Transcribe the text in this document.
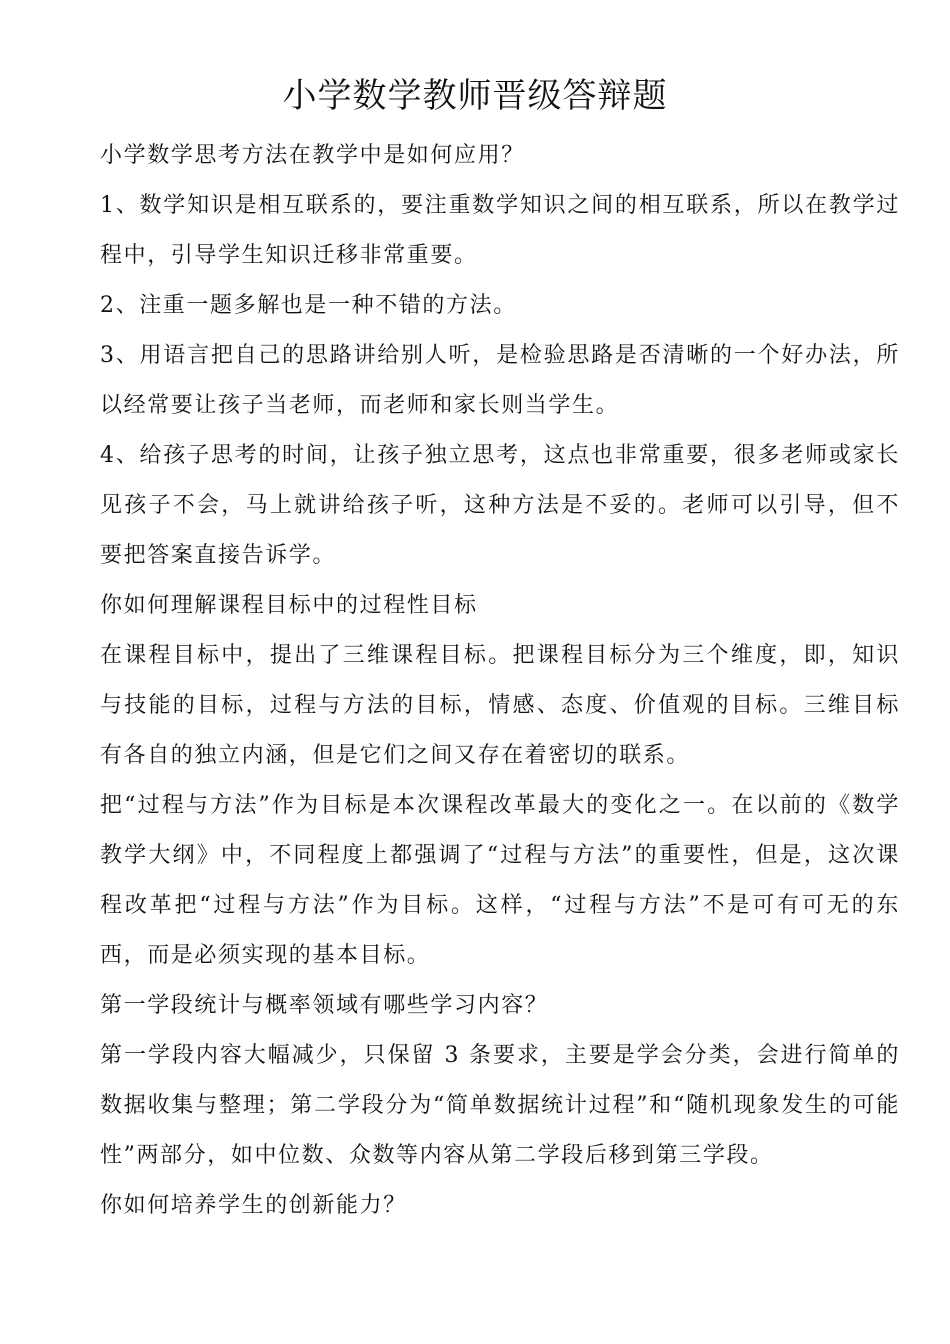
小学数学教师晋级答辩题

小学数学思考方法在教学中是如何应用？

1、数学知识是相互联系的，要注重数学知识之间的相互联系，所以在教学过程中，引导学生知识迁移非常重要。

2、注重一题多解也是一种不错的方法。

3、用语言把自己的思路讲给别人听，是检验思路是否清晰的一个好办法，所以经常要让孩子当老师，而老师和家长则当学生。

4、给孩子思考的时间，让孩子独立思考，这点也非常重要，很多老师或家长见孩子不会，马上就讲给孩子听，这种方法是不妥的。老师可以引导，但不要把答案直接告诉学。

你如何理解课程目标中的过程性目标

在课程目标中，提出了三维课程目标。把课程目标分为三个维度，即，知识与技能的目标，过程与方法的目标，情感、态度、价值观的目标。三维目标有各自的独立内涵，但是它们之间又存在着密切的联系。

把“过程与方法”作为目标是本次课程改革最大的变化之一。在以前的《数学教学大纲》中，不同程度上都强调了“过程与方法”的重要性，但是，这次课程改革把“过程与方法”作为目标。这样，“过程与方法”不是可有可无的东西，而是必须实现的基本目标。

第一学段统计与概率领域有哪些学习内容？

第一学段内容大幅减少，只保留 3 条要求，主要是学会分类，会进行简单的数据收集与整理；第二学段分为“简单数据统计过程”和“随机现象发生的可能性”两部分，如中位数、众数等内容从第二学段后移到第三学段。

你如何培养学生的创新能力？
